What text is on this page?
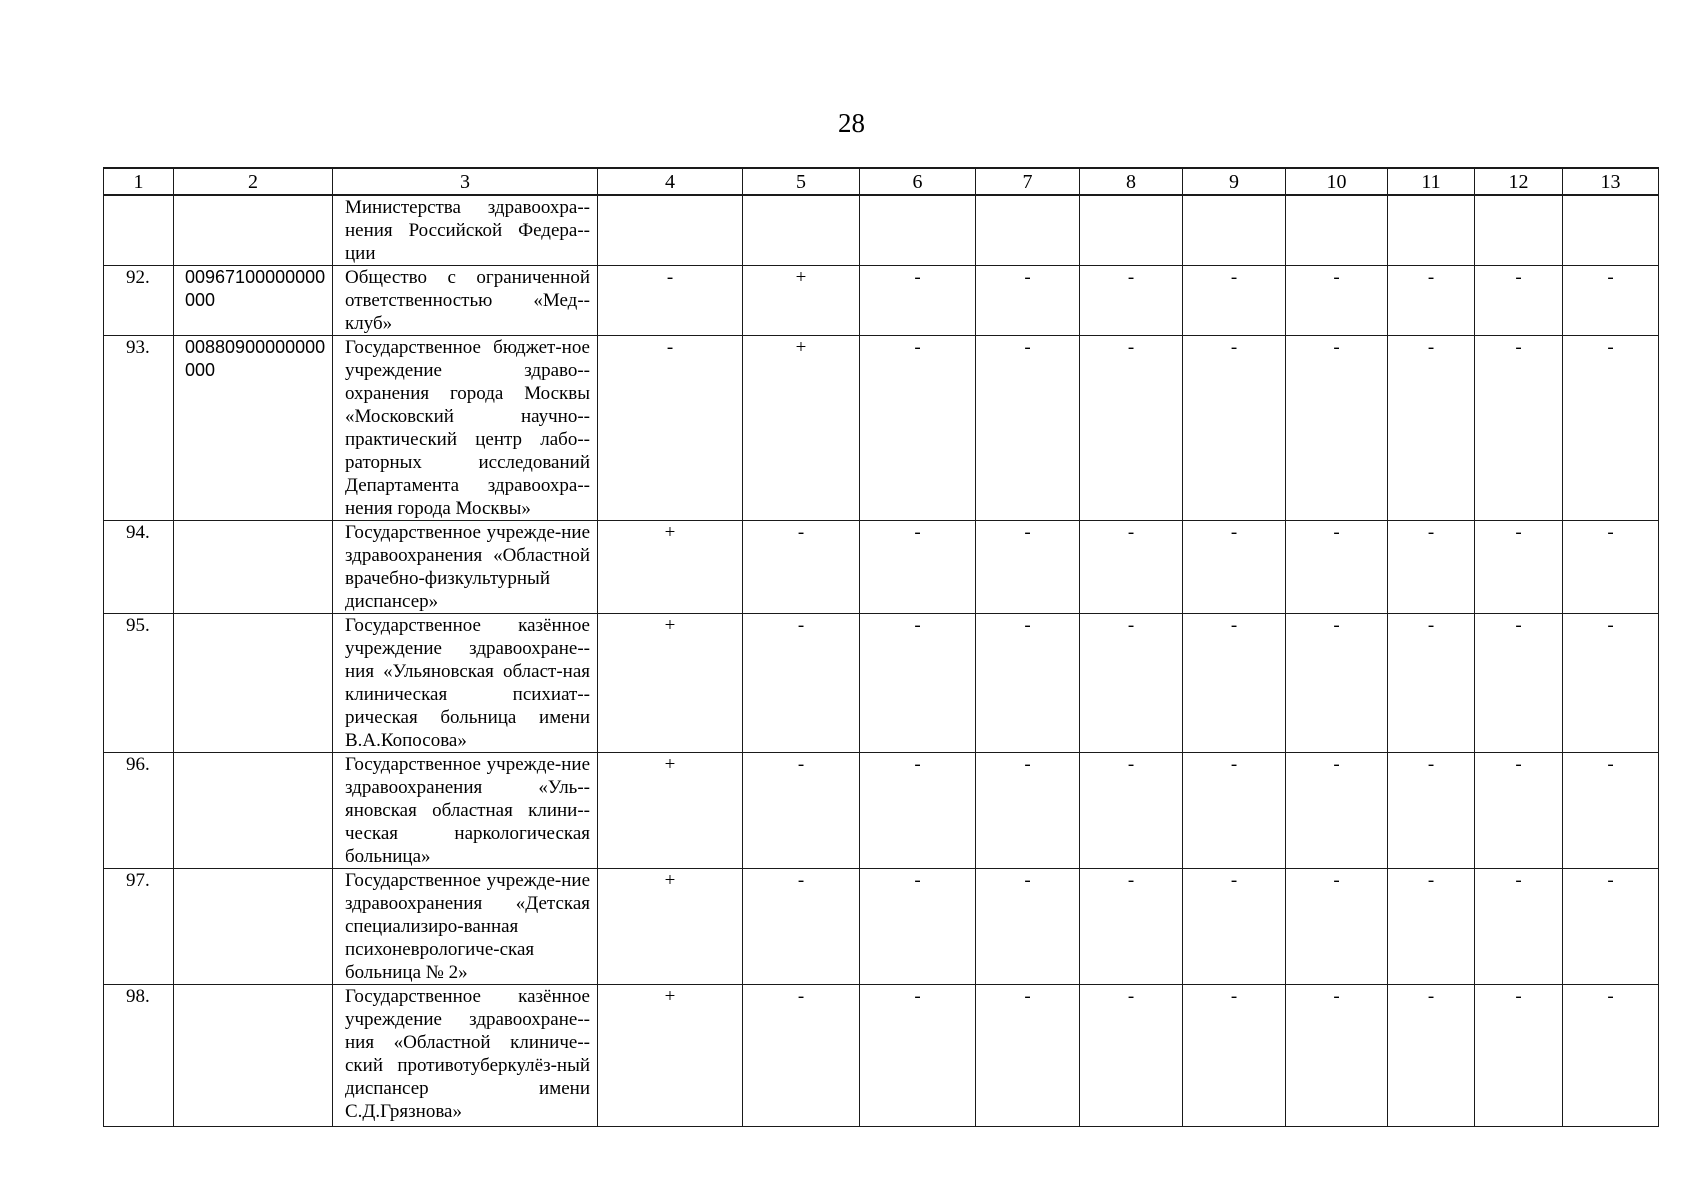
28
1	2	3	4	5	6	7	8	9	10	11	12	13
		Министерства здравоохра-нения Российской Федера-ции										
92.	0096710000000​0000	Общество с ограниченной ответственностью «Мед-клуб»	-	+	-	-	-	-	-	-	-	-
93.	0088090000000​0000	Государственное бюджет-ное учреждение здраво-охранения города Москвы «Московский научно-практический центр лабо-раторных исследований Департамента здравоохра-нения города Москвы»	-	+	-	-	-	-	-	-	-	-
94.		Государственное учрежде-ние здравоохранения «Областной врачебно-физкультурный диспансер»	+	-	-	-	-	-	-	-	-	-
95.		Государственное казённое учреждение здравоохране-ния «Ульяновская област-ная клиническая психиат-рическая больница имени В.А.Копосова»	+	-	-	-	-	-	-	-	-	-
96.		Государственное учрежде-ние здравоохранения «Уль-яновская областная клини-ческая наркологическая больница»	+	-	-	-	-	-	-	-	-	-
97.		Государственное учрежде-ние здравоохранения «Детская специализиро-ванная психоневрологиче-ская больница № 2»	+	-	-	-	-	-	-	-	-	-
98.		Государственное казённое учреждение здравоохране-ния «Областной клиниче-ский противотуберкулёз-ный диспансер имени С.Д.Грязнова»	+	-	-	-	-	-	-	-	-	-
